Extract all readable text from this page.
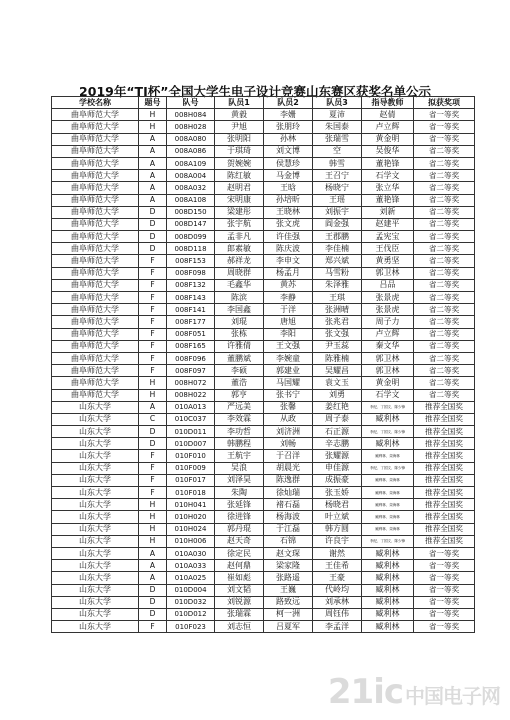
2019年“TI杯”全国大学生电子设计竞赛山东赛区获奖名单公示
学校名称	题号	队号	队员1	队员2	队员3	指导教师	拟获奖项
曲阜师范大学	H	008H084	黄毅	李姗	夏沛	赵倩	省一等奖
曲阜师范大学	H	008H028	尹旭	张朋玲	朱国泰	卢立辉	省一等奖
曲阜师范大学	A	008A080	张明阳	孙林	张瑞雪	黄金明	省一等奖
曲阜师范大学	A	008A086	于琪琦	刘文博	空	吴俊华	省二等奖
曲阜师范大学	A	008A109	贺婉婉	侯慧珍	韩雪	董艳锋	省二等奖
曲阜师范大学	A	008A004	陈红敏	马金博	王召宁	石学文	省二等奖
曲阜师范大学	A	008A032	赵明君	王晗	杨晓宁	张立华	省二等奖
曲阜师范大学	A	008A108	宋明康	孙培昕	王瑶	董艳锋	省二等奖
曲阜师范大学	D	008D150	梁建彤	王晓林	刘振宇	刘新	省二等奖
曲阜师范大学	D	008D147	张宇航	张文虎	阎金强	赵建平	省二等奖
曲阜师范大学	D	008D099	孟非凡	许佳强	王郡鹏	孟宪宝	省二等奖
曲阜师范大学	D	008D118	郎素敏	陈庆波	李佳楠	王伐臣	省二等奖
曲阜师范大学	F	008F153	郝祥龙	李申文	郑兴斌	黄勇坚	省二等奖
曲阜师范大学	F	008F098	周晓群	杨孟月	马雪粉	郭卫林	省二等奖
曲阜师范大学	F	008F132	毛鑫华	黄苏	朱泽雅	吕品	省二等奖
曲阜师范大学	F	008F143	陈滨	李静	王琪	张景虎	省二等奖
曲阜师范大学	F	008F141	李国鑫	于洋	张洲晴	张景虎	省二等奖
曲阜师范大学	F	008F177	刘琨	唐旭	张兆君	周子力	省二等奖
曲阜师范大学	F	008F051	张栋	李阳	张文强	卢立辉	省二等奖
曲阜师范大学	F	008F165	许雅倩	王文强	尹玉蕊	秦文华	省二等奖
曲阜师范大学	F	008F096	董鹏斌	李婉童	陈雅楠	郭卫林	省二等奖
曲阜师范大学	F	008F097	李硕	郭建业	吴耀昌	郭卫林	省二等奖
曲阜师范大学	H	008H072	董浩	马国耀	袁文玉	黄金明	省二等奖
曲阜师范大学	H	008H022	郭亨	张书宁	刘勇	石学文	省二等奖
山东大学	A	010A013	严远美	张馨	姜红艳	李纪、丁国文、陈少锋	推荐全国奖
山东大学	C	010C037	李效霖	从政	周子泰	臧利林	推荐全国奖
山东大学	D	010D011	李功哲	刘济洲	石正源	李纪、丁国文、陈少锋	推荐全国奖
山东大学	D	010D007	韩鹏程	刘畅	辛志鹏	臧利林	推荐全国奖
山东大学	F	010F010	王航宇	于召洋	张耀源	臧利林、栾海林	推荐全国奖
山东大学	F	010F009	吴浪	胡晨光	申佳源	李纪、丁国文、陈少锋	推荐全国奖
山东大学	F	010F017	刘泽昊	陈逸群	成振豪	臧利林、栾海林	推荐全国奖
山东大学	F	010F018	朱陶	徐灿瑞	张玉娇	臧利林、栾海林	推荐全国奖
山东大学	H	010H041	张延锋	褚石磊	杨晓君	臧利林、栾海林	推荐全国奖
山东大学	H	010H020	徐进锋	杨海波	叶立斌	臧利林、栾海林	推荐全国奖
山东大学	H	010H024	郭丹琨	于江磊	韩方圆	臧利林、栾海林	推荐全国奖
山东大学	H	010H006	赵天奇	石锦	许良宇	李纪、丁国文、陈少锋	推荐全国奖
山东大学	A	010A030	徐定民	赵文琛	谢然	臧利林	省一等奖
山东大学	A	010A033	赵何鼎	梁家隆	王佳希	臧利林	省一等奖
山东大学	A	010A025	崔如彪	张路遥	王豪	臧利林	省一等奖
山东大学	D	010D004	刘文韬	王巍	代岭均	臧利林	省一等奖
山东大学	D	010D032	刘锐源	路致远	刘承林	臧利林	省一等奖
山东大学	D	010D012	张瑞霖	柯一洲	周钰伟	臧利林	省一等奖
山东大学	F	010F023	刘志恒	吕夏军	李孟洋	臧利林	省一等奖
21ic 中国电子网
